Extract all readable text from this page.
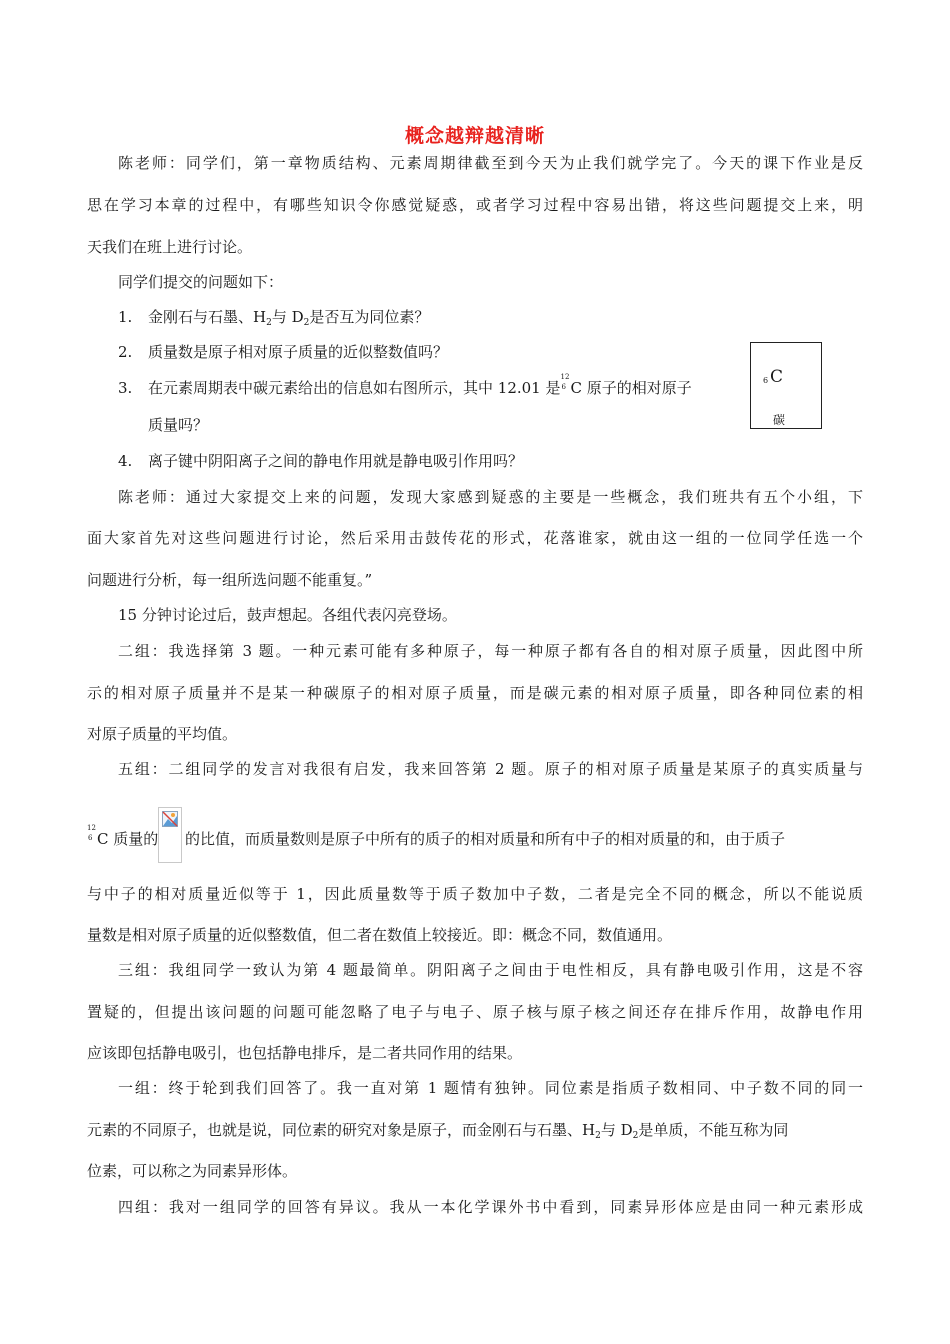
概念越辩越清晰
陈老师：同学们，第一章物质结构、元素周期律截至到今天为止我们就学完了。今天的课下作业是反
思在学习本章的过程中，有哪些知识令你感觉疑惑，或者学习过程中容易出错，将这些问题提交上来，明
天我们在班上进行讨论。
同学们提交的问题如下：
1. 金刚石与石墨、$H_2$与 $D_2$是否互为同位素？
2. 质量数是原子相对原子质量的近似整数值吗？
3. 在元素周期表中碳元素给出的信息如右图所示，其中 12.01 是
12
6 C 原子的相对原子
质量吗？
6 C
碳
4. 离子键中阴阳离子之间的静电作用就是静电吸引作用吗？
陈老师：通过大家提交上来的问题，发现大家感到疑惑的主要是一些概念，我们班共有五个小组，下
面大家首先对这些问题进行讨论，然后采用击鼓传花的形式，花落谁家，就由这一组的一位同学任选一个
问题进行分析，每一组所选问题不能重复。”
15 分钟讨论过后，鼓声想起。各组代表闪亮登场。
二组：我选择第 3 题。一种元素可能有多种原子，每一种原子都有各自的相对原子质量，因此图中所
示的相对原子质量并不是某一种碳原子的相对原子质量，而是碳元素的相对原子质量，即各种同位素的相
对原子质量的平均值。
五组：二组同学的发言对我很有启发，我来回答第 2 题。原子的相对原子质量是某原子的真实质量与
12
6 C 质量的 的比值，而质量数则是原子中所有的质子的相对质量和所有中子的相对质量的和，由于质子
与中子的相对质量近似等于 1，因此质量数等于质子数加中子数，二者是完全不同的概念，所以不能说质
量数是相对原子质量的近似整数值，但二者在数值上较接近。即：概念不同，数值通用。
三组：我组同学一致认为第 4 题最简单。阴阳离子之间由于电性相反，具有静电吸引作用，这是不容
置疑的，但提出该问题的问题可能忽略了电子与电子、原子核与原子核之间还存在排斥作用，故静电作用
应该即包括静电吸引，也包括静电排斥，是二者共同作用的结果。
一组：终于轮到我们回答了。我一直对第 1 题情有独钟。同位素是指质子数相同、中子数不同的同一
元素的不同原子，也就是说，同位素的研究对象是原子，而金刚石与石墨、$H_2$与 $D_2$是单质，不能互称为同
位素，可以称之为同素异形体。
四组：我对一组同学的回答有异议。我从一本化学课外书中看到，同素异形体应是由同一种元素形成
